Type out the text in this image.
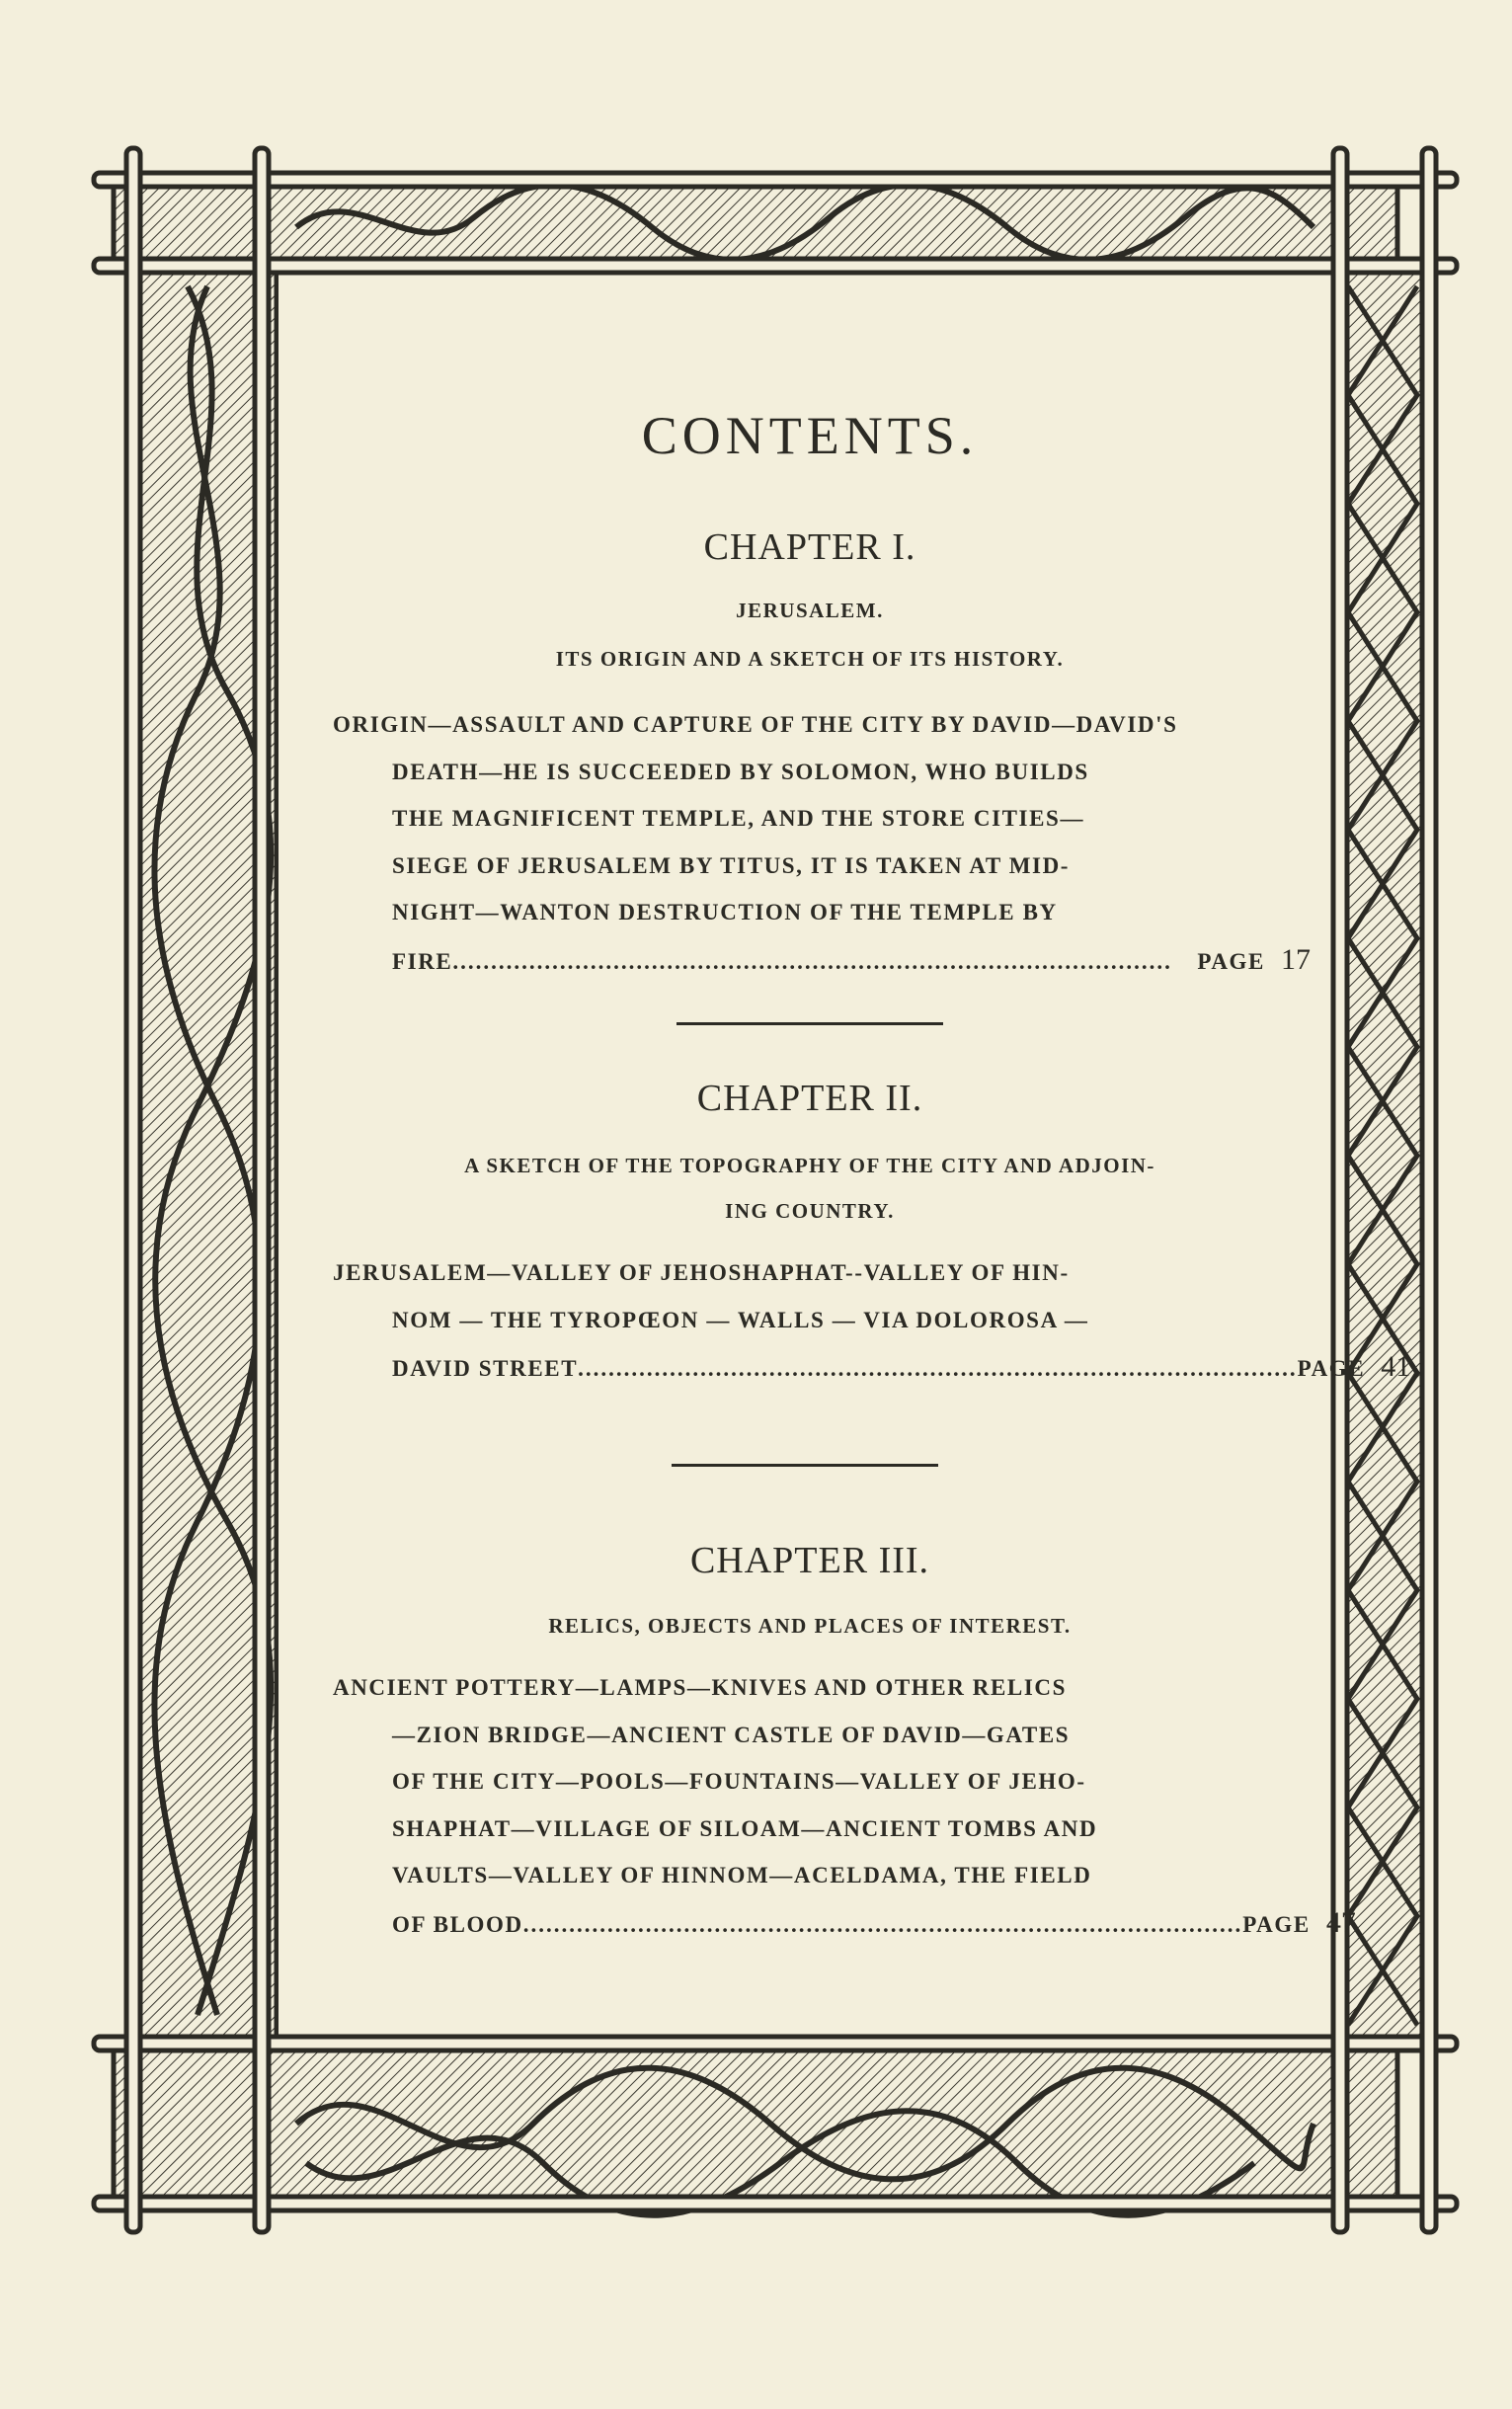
CONTENTS.
CHAPTER I.
JERUSALEM.
ITS ORIGIN AND A SKETCH OF ITS HISTORY.
ORIGIN—ASSAULT AND CAPTURE OF THE CITY BY DAVID—DAVID'S
DEATH—HE IS SUCCEEDED BY SOLOMON, WHO BUILDS
THE MAGNIFICENT TEMPLE, AND THE STORE CITIES—
SIEGE OF JERUSALEM BY TITUS, IT IS TAKEN AT MID-
NIGHT—WANTON DESTRUCTION OF THE TEMPLE BY
FIRE ..............................................................................................	PAGE 17
CHAPTER II.
A SKETCH OF THE TOPOGRAPHY OF THE CITY AND ADJOIN-
ING COUNTRY.
JERUSALEM—VALLEY OF JEHOSHAPHAT--VALLEY OF HIN-
NOM — THE TYROPŒON — WALLS — VIA DOLOROSA —
DAVID STREET .............................................................................................. PAGE 41
CHAPTER III.
RELICS, OBJECTS AND PLACES OF INTEREST.
ANCIENT POTTERY—LAMPS—KNIVES AND OTHER RELICS
—ZION BRIDGE—ANCIENT CASTLE OF DAVID—GATES
OF THE CITY—POOLS—FOUNTAINS—VALLEY OF JEHO-
SHAPHAT—VILLAGE OF SILOAM—ANCIENT TOMBS AND
VAULTS—VALLEY OF HINNOM—ACELDAMA, THE FIELD
OF BLOOD .............................................................................................. PAGE 47
